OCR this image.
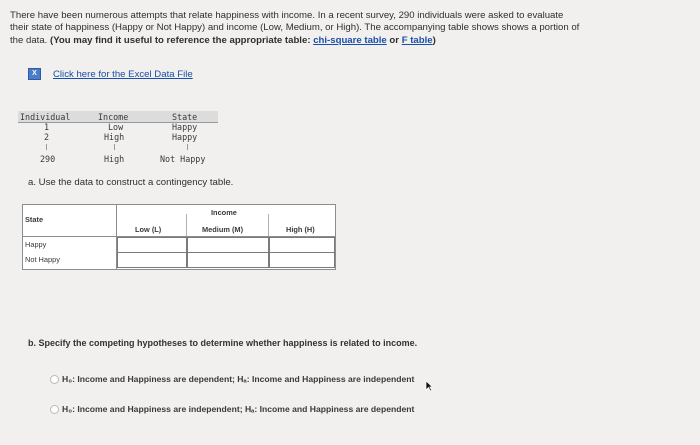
There have been numerous attempts that relate happiness with income. In a recent survey, 290 individuals were asked to evaluate
their state of happiness (Happy or Not Happy) and income (Low, Medium, or High). The accompanying table shows shows a portion of
the data. (You may find it useful to reference the appropriate table: chi-square table or F table)
X	Click here for the Excel Data File
Individual	Income	State
1	Low	Happy
2	High	Happy
290	High	Not Happy
a. Use the data to construct a contingency table.
State
Income
Low (L)	Medium (M)	High (H)
Happy
Not Happy
b. Specify the competing hypotheses to determine whether happiness is related to income.
H₀: Income and Happiness are dependent; Hₐ: Income and Happiness are independent
H₀: Income and Happiness are independent; Hₐ: Income and Happiness are dependent
